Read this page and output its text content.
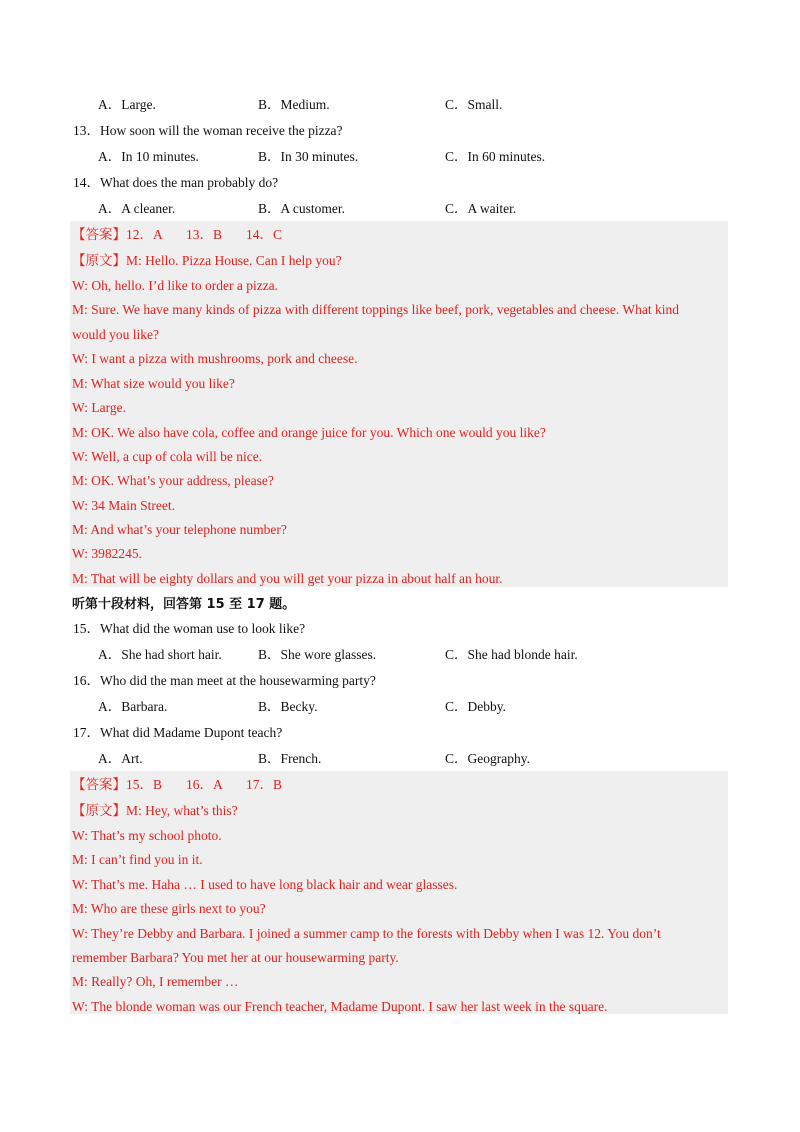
A．Large.	B．Medium.	C．Small.
13．How soon will the woman receive the pizza?
A．In 10 minutes.	B．In 30 minutes.	C．In 60 minutes.
14．What does the man probably do?
A．A cleaner.	B．A customer.	C．A waiter.
【答案】12．A 13．B 14．C
【原文】M: Hello. Pizza House. Can I help you?
W: Oh, hello. I’d like to order a pizza.
M: Sure. We have many kinds of pizza with different toppings like beef, pork, vegetables and cheese. What kind
would you like?
W: I want a pizza with mushrooms, pork and cheese.
M: What size would you like?
W: Large.
M: OK. We also have cola, coffee and orange juice for you. Which one would you like?
W: Well, a cup of cola will be nice.
M: OK. What’s your address, please?
W: 34 Main Street.
M: And what’s your telephone number?
W: 3982245.
M: That will be eighty dollars and you will get your pizza in about half an hour.
听第十段材料，回答第 15 至 17 题。
15．What did the woman use to look like?
A．She had short hair.	B．She wore glasses.	C．She had blonde hair.
16．Who did the man meet at the housewarming party?
A．Barbara.	B．Becky.	C．Debby.
17．What did Madame Dupont teach?
A．Art.	B．French.	C．Geography.
【答案】15．B 16．A 17．B
【原文】M: Hey, what’s this?
W: That’s my school photo.
M: I can’t find you in it.
W: That’s me. Haha … I used to have long black hair and wear glasses.
M: Who are these girls next to you?
W: They’re Debby and Barbara. I joined a summer camp to the forests with Debby when I was 12. You don’t
remember Barbara? You met her at our housewarming party.
M: Really? Oh, I remember …
W: The blonde woman was our French teacher, Madame Dupont. I saw her last week in the square.
